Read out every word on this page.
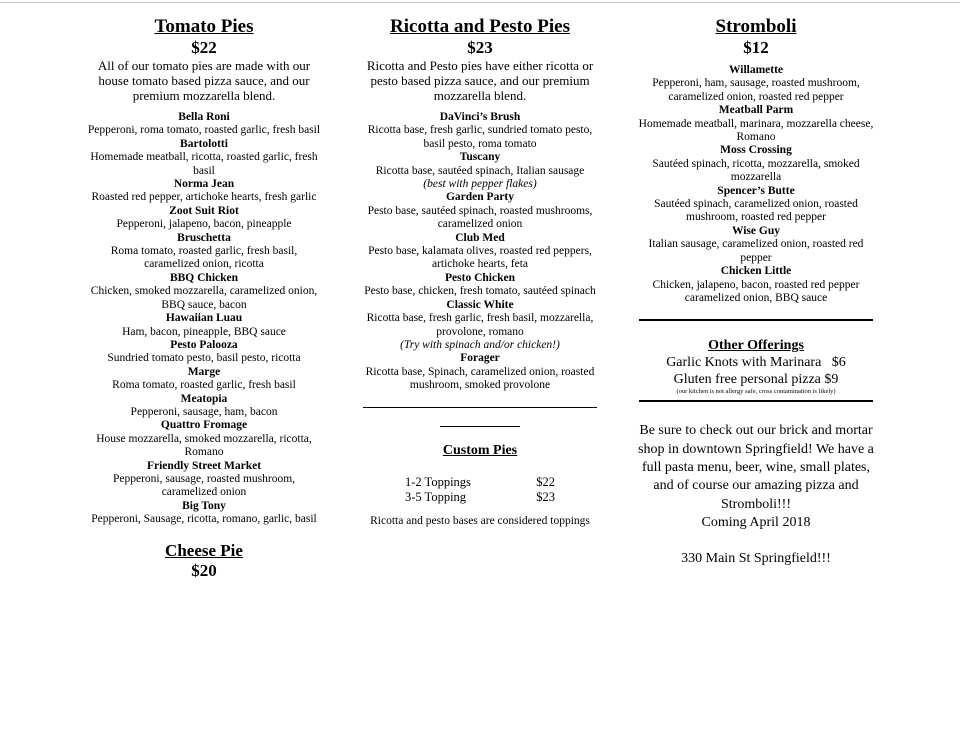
Tomato Pies
$22
All of our tomato pies are made with our house tomato based pizza sauce, and our premium mozzarella blend.
Bella Roni
Pepperoni, roma tomato, roasted garlic, fresh basil
Bartolotti
Homemade meatball, ricotta, roasted garlic, fresh basil
Norma Jean
Roasted red pepper, artichoke hearts, fresh garlic
Zoot Suit Riot
Pepperoni, jalapeno, bacon, pineapple
Bruschetta
Roma tomato, roasted garlic, fresh basil, caramelized onion, ricotta
BBQ Chicken
Chicken, smoked mozzarella, caramelized onion, BBQ sauce, bacon
Hawaiian Luau
Ham, bacon, pineapple, BBQ sauce
Pesto Palooza
Sundried tomato pesto, basil pesto, ricotta
Marge
Roma tomato, roasted garlic, fresh basil
Meatopia
Pepperoni, sausage, ham, bacon
Quattro Fromage
House mozzarella, smoked mozzarella, ricotta, Romano
Friendly Street Market
Pepperoni, sausage, roasted mushroom, caramelized onion
Big Tony
Pepperoni, Sausage, ricotta, romano, garlic, basil
Cheese Pie
$20
Ricotta and Pesto Pies
$23
Ricotta and Pesto pies have either ricotta or pesto based pizza sauce, and our premium mozzarella blend.
DaVinci’s Brush
Ricotta base, fresh garlic, sundried tomato pesto, basil pesto, roma tomato
Tuscany
Ricotta base, sautéed spinach, Italian sausage
(best with pepper flakes)
Garden Party
Pesto base, sautéed spinach, roasted mushrooms, caramelized onion
Club Med
Pesto base, kalamata olives, roasted red peppers, artichoke hearts, feta
Pesto Chicken
Pesto base, chicken, fresh tomato, sautéed spinach
Classic White
Ricotta base, fresh garlic, fresh basil, mozzarella, provolone, romano
(Try with spinach and/or chicken!)
Forager
Ricotta base, Spinach, caramelized onion, roasted mushroom, smoked provolone
Custom Pies
1-2 Toppings	$22
3-5 Topping	$23
Ricotta and pesto bases are considered toppings
Stromboli
$12
Willamette
Pepperoni, ham, sausage, roasted mushroom, caramelized onion, roasted red pepper
Meatball Parm
Homemade meatball, marinara, mozzarella cheese, Romano
Moss Crossing
Sautéed spinach, ricotta, mozzarella, smoked mozzarella
Spencer’s Butte
Sautéed spinach, caramelized onion, roasted mushroom, roasted red pepper
Wise Guy
Italian sausage, caramelized onion, roasted red pepper
Chicken Little
Chicken, jalapeno, bacon, roasted red pepper caramelized onion, BBQ sauce
Other Offerings
Garlic Knots with Marinara   $6
Gluten free personal pizza $9
(our kitchen is not allergy safe, cross contamination is likely)
Be sure to check out our brick and mortar shop in downtown Springfield! We have a full pasta menu, beer, wine, small plates, and of course our amazing pizza and Stromboli!!!
Coming April 2018
330 Main St Springfield!!!
